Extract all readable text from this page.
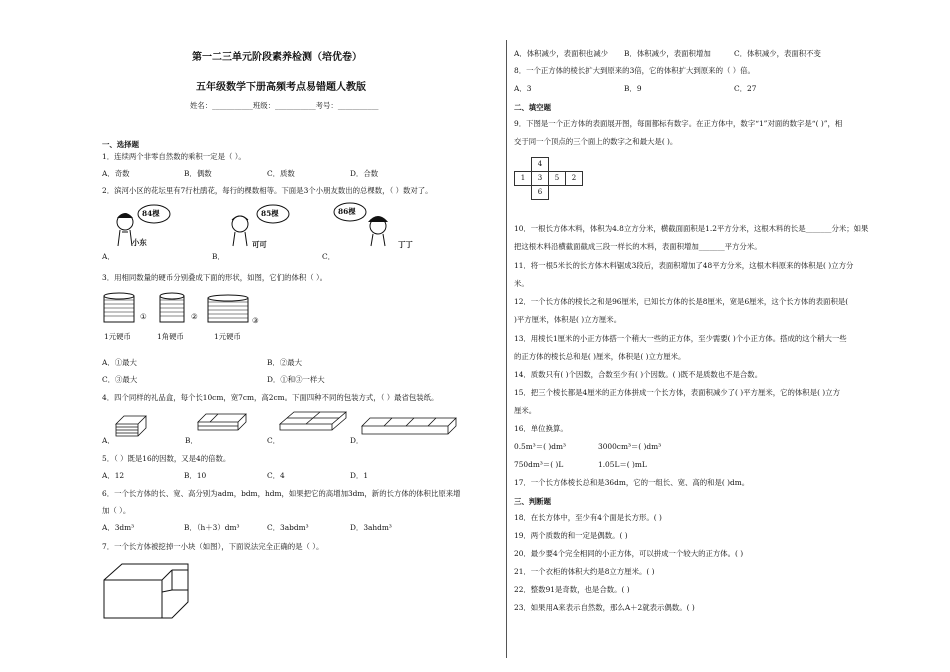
第一二三单元阶段素养检测（培优卷）
五年级数学下册高频考点易错题人教版
姓名：___________班级：___________考号：___________
一、选择题
1．连续两个非零自然数的乘积一定是（ ）。
A．奇数	B．偶数	C．质数	D．合数
2．滨河小区的花坛里有7行杜鹃花，每行的棵数相等。下面是3个小朋友数出的总棵数，（ ）数对了。
84棵	85棵	86棵
小东	可可	丁丁
A．	B．	C．
3．用相同数量的硬币分别叠成下面的形状，如图，它们的体积（ ）。
①	②	③
1元硬币	1角硬币	1元硬币
A．①最大	B．②最大
C．③最大	D．①和③一样大
4．四个同样的礼品盒，每个长10cm，宽7cm，高2cm。下面四种不同的包装方式，（ ）最省包装纸。
A．	B．	C．	D．
5．（ ）既是16的因数，又是4的倍数。
A．12	B．10	C．4	D．1
6．一个长方体的长、宽、高分别为adm，bdm，hdm，如果把它的高增加3dm，新的长方体的体积比原来增
加（ ）。
A．3dm³	B．（h＋3）dm³	C．3abdm³	D．3ahdm³
7．一个长方体被挖掉一小块（如图），下面说法完全正确的是（ ）。
A．体积减少，表面积也减少 B．体积减少，表面积增加	C．体积减少，表面积不变
8．一个正方体的棱长扩大到原来的3倍，它的体积扩大到原来的（ ）倍。
A．3	B．9	C．27
二、填空题
9．下图是一个正方体的表面展开图，每面都标有数字。在正方体中，数字“1”对面的数字是“( )”，相
交于同一个顶点的三个面上的数字之和最大是( )。
	4		
1	3	5	2
	6		
10．一根长方体木料，体积为4.8立方分米，横截面面积是1.2平方分米，这根木料的长是_______分米；如果
把这根木料沿横截面截成三段一样长的木料，表面积增加_______平方分米。
11．将一根5米长的长方体木料锯成3段后，表面积增加了48平方分米，这根木料原来的体积是( )立方分
米。
12．一个长方体的棱长之和是96厘米，已知长方体的长是8厘米，宽是6厘米，这个长方体的表面积是(
)平方厘米，体积是( )立方厘米。
13．用棱长1厘米的小正方体搭一个稍大一些的正方体，至少需要( )个小正方体。搭成的这个稍大一些
的正方体的棱长总和是( )厘米，体积是( )立方厘米。
14．质数只有( )个因数，合数至少有( )个因数。( )既不是质数也不是合数。
15．把三个棱长都是4厘米的正方体拼成一个长方体，表面积减少了( )平方厘米，它的体积是( )立方
厘米。
16．单位换算。
0.5m³＝( )dm³	3000cm³＝( )dm³
750dm³＝( )L	1.05L＝( )mL
17．一个长方体棱长总和是36dm，它的一组长、宽、高的和是( )dm。
三、判断题
18．在长方体中，至少有4个面是长方形。( )
19．两个质数的和一定是偶数。( )
20．最少要4个完全相同的小正方体，可以拼成一个较大的正方体。( )
21．一个衣柜的体积大约是8立方厘米。( )
22．整数91是奇数，也是合数。( )
23．如果用A来表示自然数，那么A＋2就表示偶数。( )
